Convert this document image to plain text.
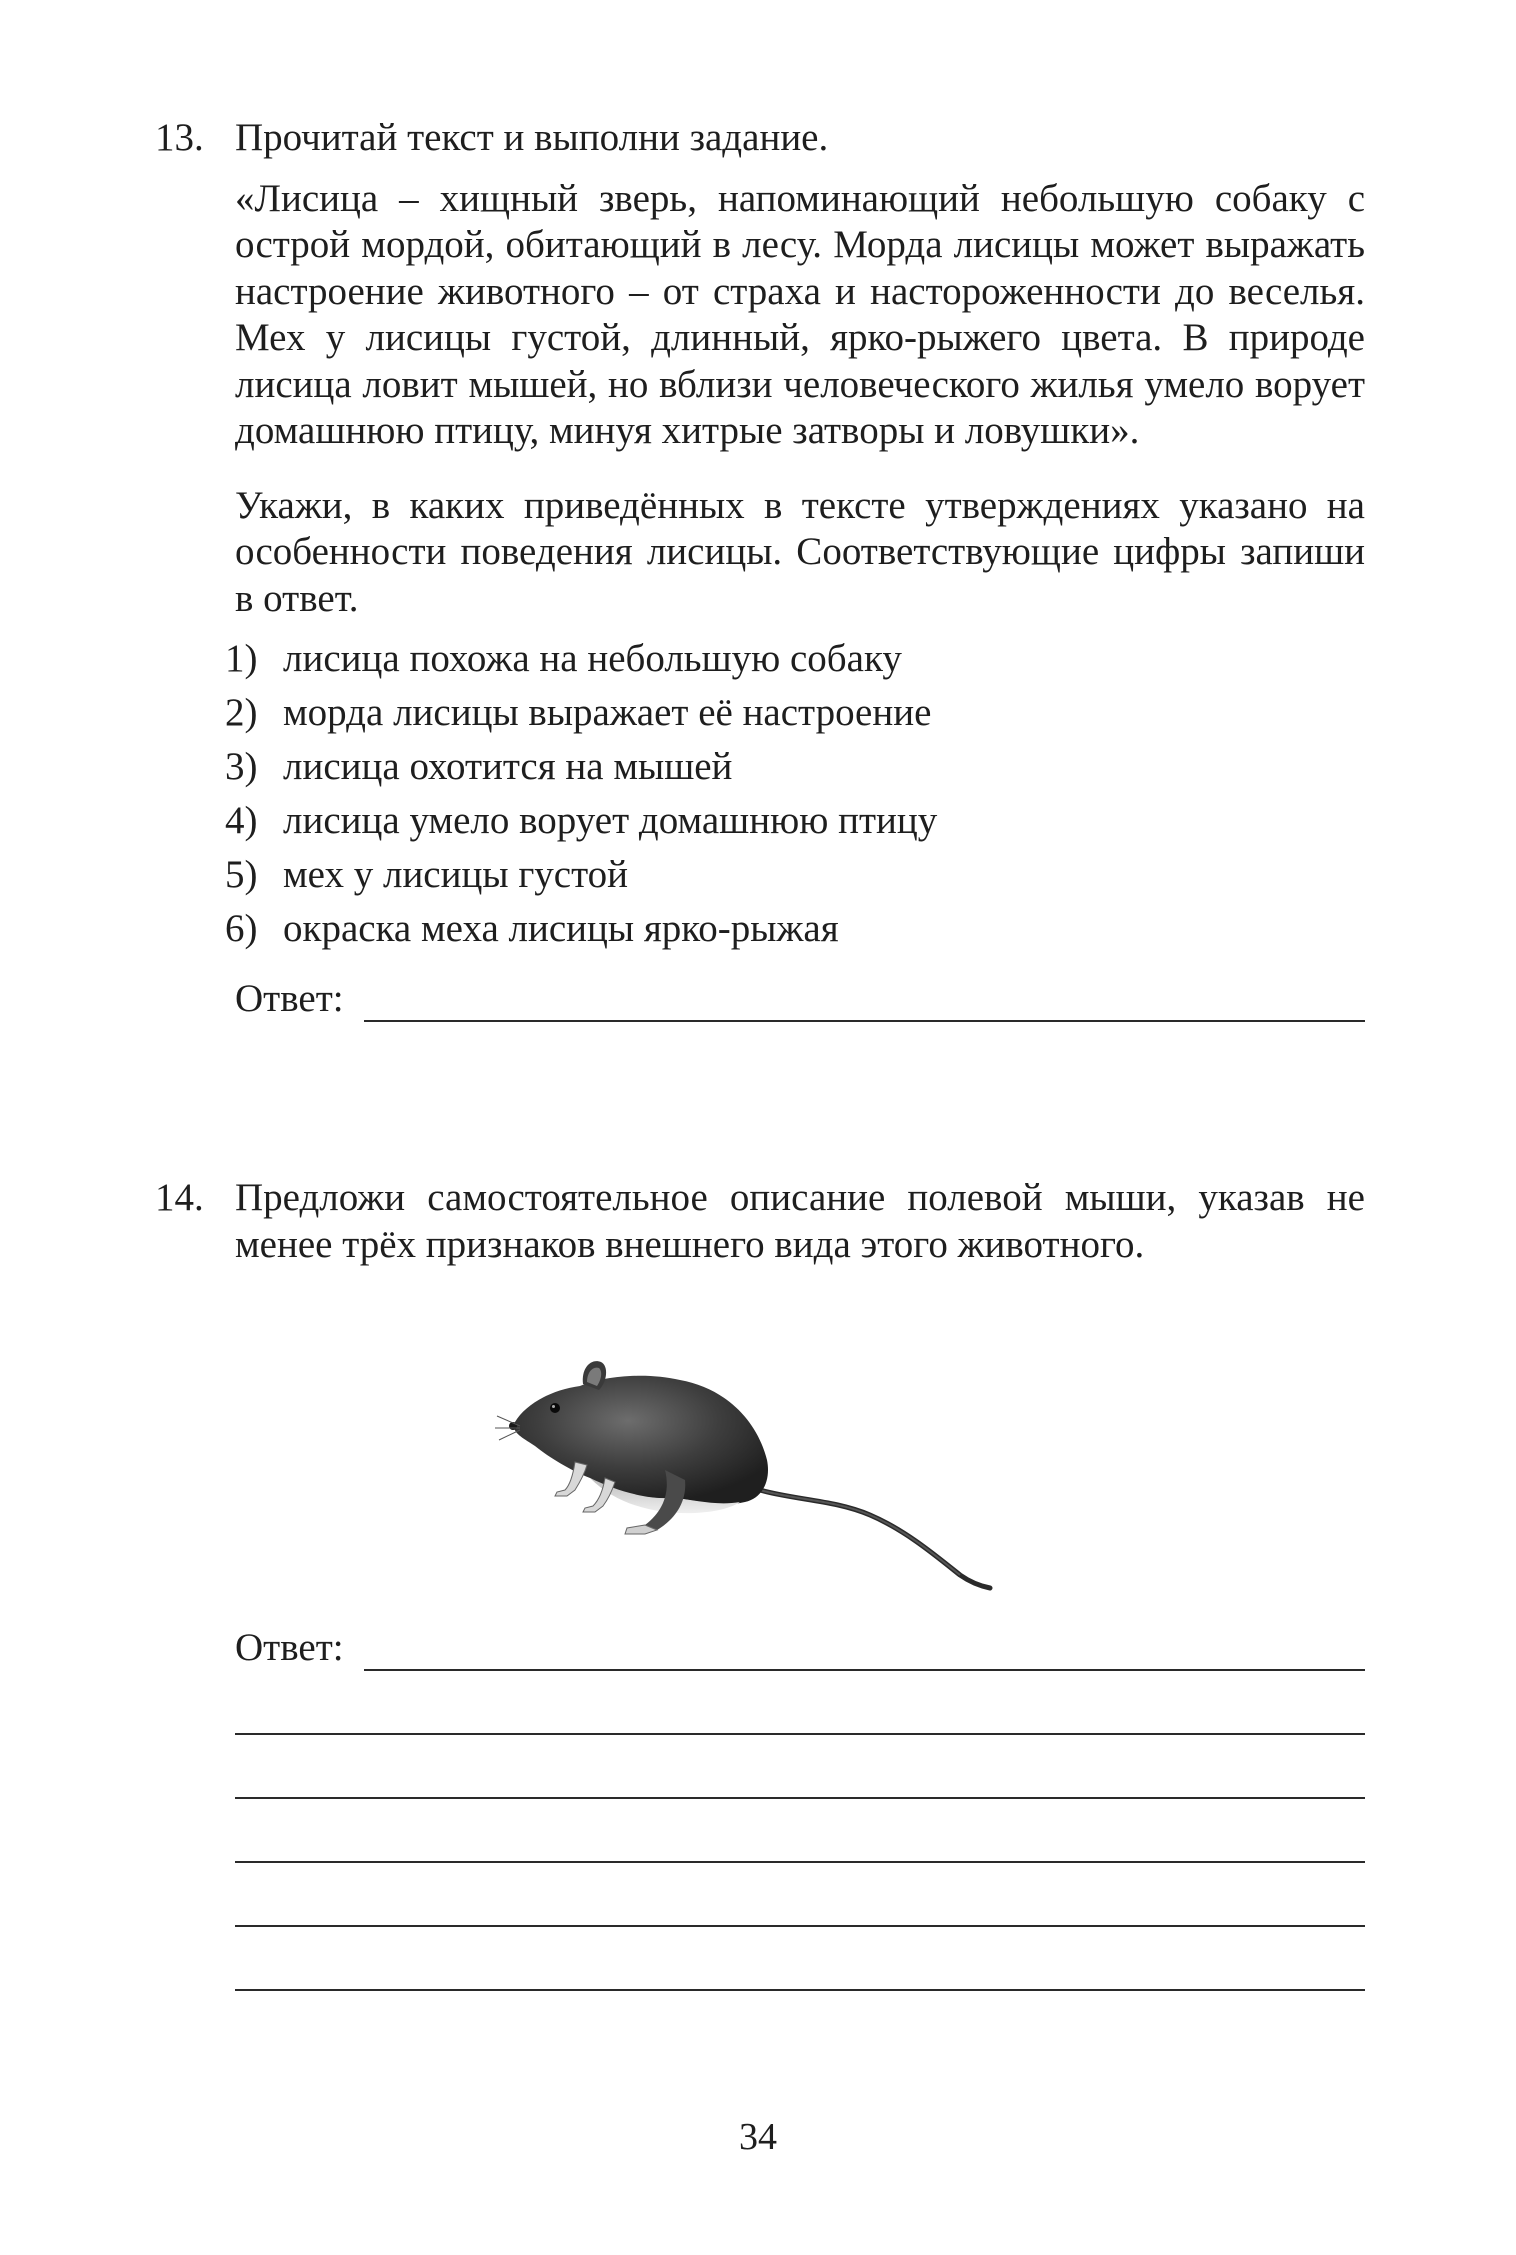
13. Прочитай текст и выполни задание.

«Лисица – хищный зверь, напоминающий небольшую собаку с острой мордой, обитающий в лесу. Морда лисицы может выражать настроение животного – от страха и настороженности до веселья. Мех у лисицы густой, длинный, ярко-рыжего цвета. В природе лисица ловит мышей, но вблизи человеческого жилья умело ворует домашнюю птицу, минуя хитрые затворы и ловушки».

Укажи, в каких приведённых в тексте утверждениях указано на особенности поведения лисицы. Соответствующие цифры запиши в ответ.

1) лисица похожа на небольшую собаку
2) морда лисицы выражает её настроение
3) лисица охотится на мышей
4) лисица умело ворует домашнюю птицу
5) мех у лисицы густой
6) окраска меха лисицы ярко-рыжая
Ответ:
14. Предложи самостоятельное описание полевой мыши, указав не менее трёх признаков внешнего вида этого животного.

Ответ:
34
